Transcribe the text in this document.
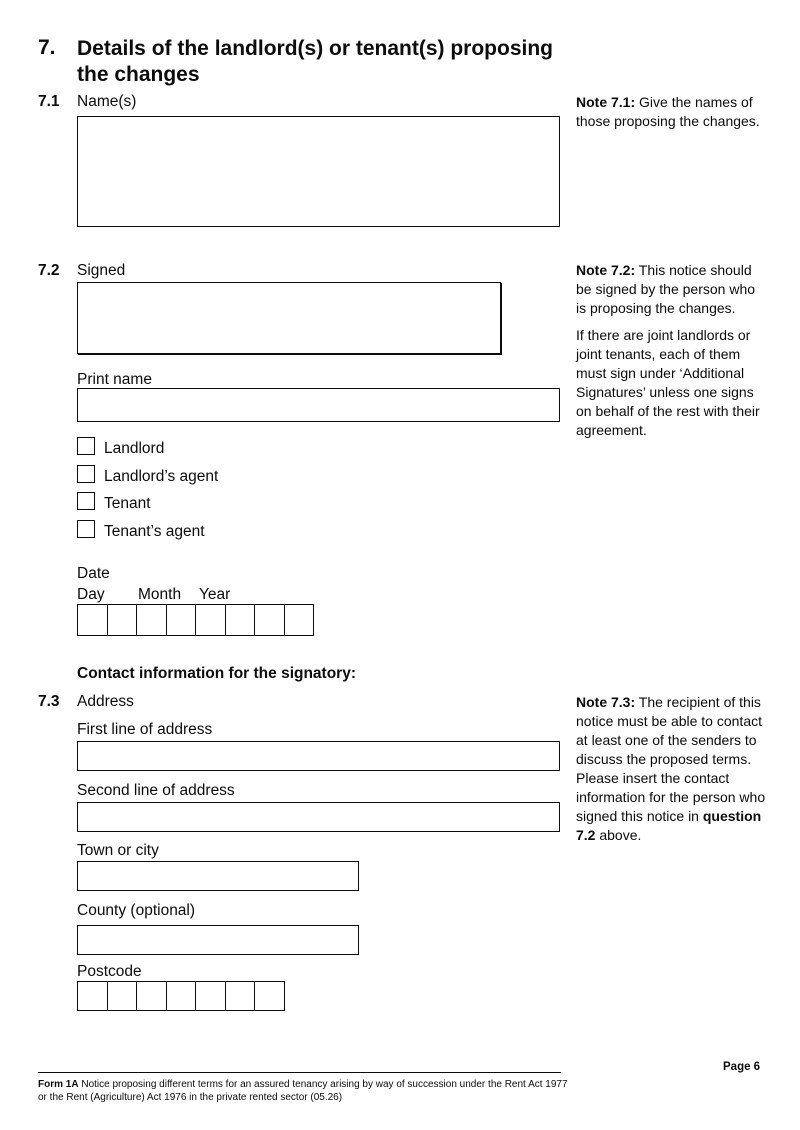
7. Details of the landlord(s) or tenant(s) proposing the changes
7.1 Name(s)	Note 7.1: Give the names of those proposing the changes.

7.2 Signed
Print name

Note 7.2: This notice should be signed by the person who is proposing the changes.

If there are joint landlords or joint tenants, each of them must sign under ‘Additional Signatures’ unless one signs on behalf of the rest with their agreement.

Landlord
Landlord’s agent
Tenant
Tenant’s agent
Date
Day Month Year
Contact information for the signatory:
7.3 Address
First line of address
Second line of address
Town or city
County (optional)
Postcode

Note 7.3: The recipient of this notice must be able to contact at least one of the senders to discuss the proposed terms. Please insert the contact information for the person who signed this notice in question 7.2 above.

Page 6
Form 1A Notice proposing different terms for an assured tenancy arising by way of succession under the Rent Act 1977 or the Rent (Agriculture) Act 1976 in the private rented sector (05.26)
